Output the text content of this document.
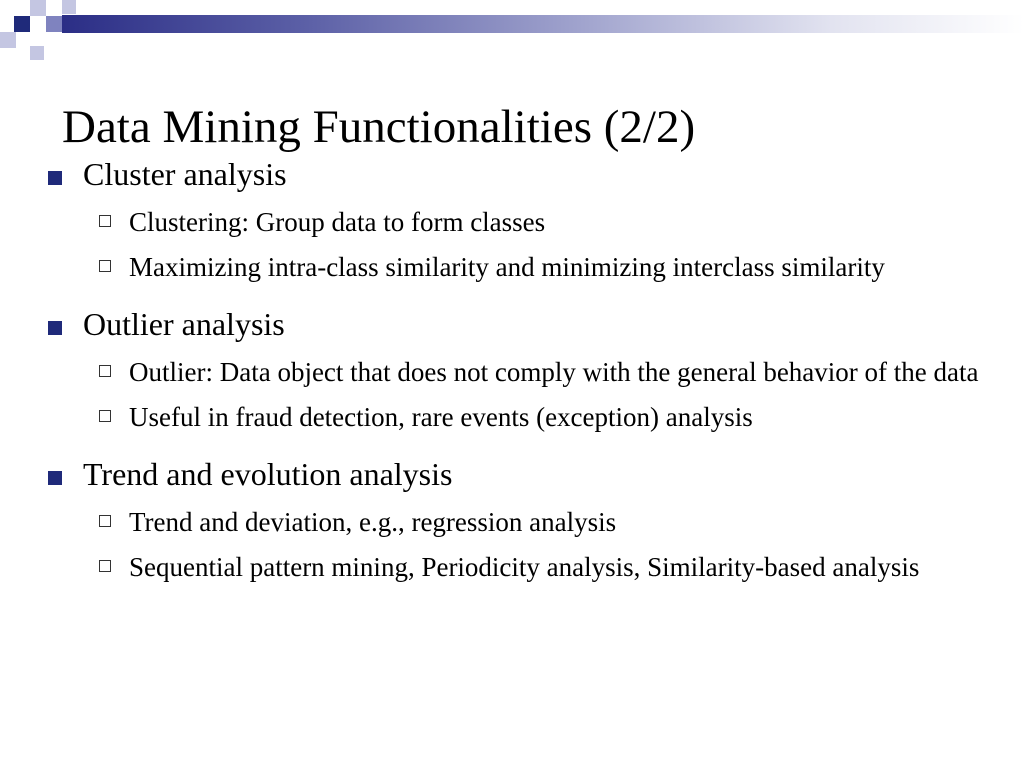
Data Mining Functionalities (2/2)
Cluster analysis
Clustering: Group data to form classes
Maximizing intra-class similarity and minimizing interclass similarity
Outlier analysis
Outlier: Data object that does not comply with the general behavior of the data
Useful in fraud detection, rare events (exception) analysis
Trend and evolution analysis
Trend and deviation, e.g., regression analysis
Sequential pattern mining, Periodicity analysis, Similarity-based analysis
